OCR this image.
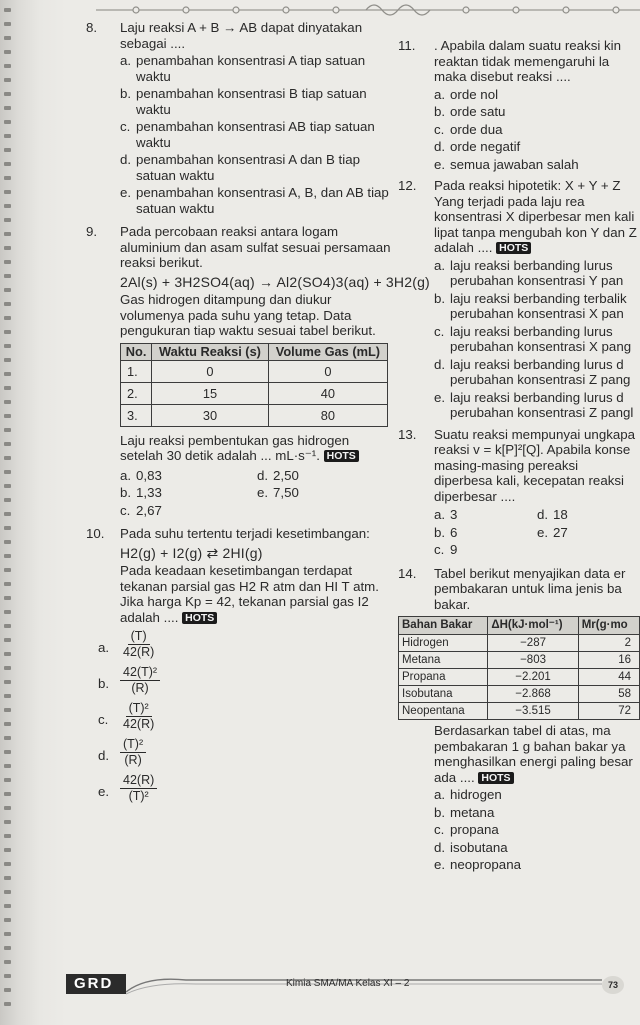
8. Laju reaksi A + B → AB dapat dinyatakan sebagai ....
a. penambahan konsentrasi A tiap satuan waktu
b. penambahan konsentrasi B tiap satuan waktu
c. penambahan konsentrasi AB tiap satuan waktu
d. penambahan konsentrasi A dan B tiap satuan waktu
e. penambahan konsentrasi A, B, dan AB tiap satuan waktu
9. Pada percobaan reaksi antara logam aluminium dan asam sulfat sesuai persamaan reaksi berikut.
2Al(s) + 3H2SO4(aq) → Al2(SO4)3(aq) + 3H2(g)
Gas hidrogen ditampung dan diukur volumenya pada suhu yang tetap. Data pengukuran tiap waktu sesuai tabel berikut.
No.	Waktu Reaksi (s)	Volume Gas (mL)
1.	0	0
2.	15	40
3.	30	80
Laju reaksi pembentukan gas hidrogen setelah 30 detik adalah ... mL·s⁻¹. HOTS
a. 0,83
b. 1,33
c. 2,67
d. 2,50
e. 7,50
10. Pada suhu tertentu terjadi kesetimbangan:
H2(g) + I2(g) ⇄ 2HI(g)
Pada keadaan kesetimbangan terdapat tekanan parsial gas H2 R atm dan HI T atm. Jika harga Kp = 42, tekanan parsial gas I2 adalah .... HOTS
a. $\frac{(T)}{42(R)}$
b. $\frac{\text{42(T)²}}{(R)}$
c. $\frac{\text{(T)²}}{42(R)}$
d. $\frac{\text{(T)²}}{(R)}$
e. $\frac{42(R)}{\text{(T)²}}$
11. . Apabila dalam suatu reaksi kin reaktan tidak memengaruhi la maka disebut reaksi ....
a. orde nol
b. orde satu
c. orde dua
d. orde negatif
e. semua jawaban salah
12. Pada reaksi hipotetik: X + Y + Z
Yang terjadi pada laju rea konsentrasi X diperbesar men kali lipat tanpa mengubah kon Y dan Z adalah .... HOTS
a. laju reaksi berbanding lurus perubahan konsentrasi Y pan
b. laju reaksi berbanding terbalik perubahan konsentrasi X pan
c. laju reaksi berbanding lurus perubahan konsentrasi X pang
d. laju reaksi berbanding lurus d perubahan konsentrasi Z pang
e. laju reaksi berbanding lurus d perubahan konsentrasi Z pangl
13. Suatu reaksi mempunyai ungkapa reaksi v = k[P]²[Q]. Apabila konse masing-masing pereaksi diperbesa kali, kecepatan reaksi diperbesar ....
a. 3
b. 6
c. 9
d. 18
e. 27
14. Tabel berikut menyajikan data er pembakaran untuk lima jenis ba bakar.
Bahan Bakar	ΔH(kJ·mol⁻¹)	Mr(g·mo
Hidrogen	−287	2
Metana	−803	16
Propana	−2.201	44
Isobutana	−2.868	58
Neopentana	−3.515	72
Berdasarkan tabel di atas, ma pembakaran 1 g bahan bakar ya menghasilkan energi paling besar ada .... HOTS
a. hidrogen
b. metana
c. propana
d. isobutana
e. neopropana
GRD	Kimia SMA/MA Kelas XI – 2	73
